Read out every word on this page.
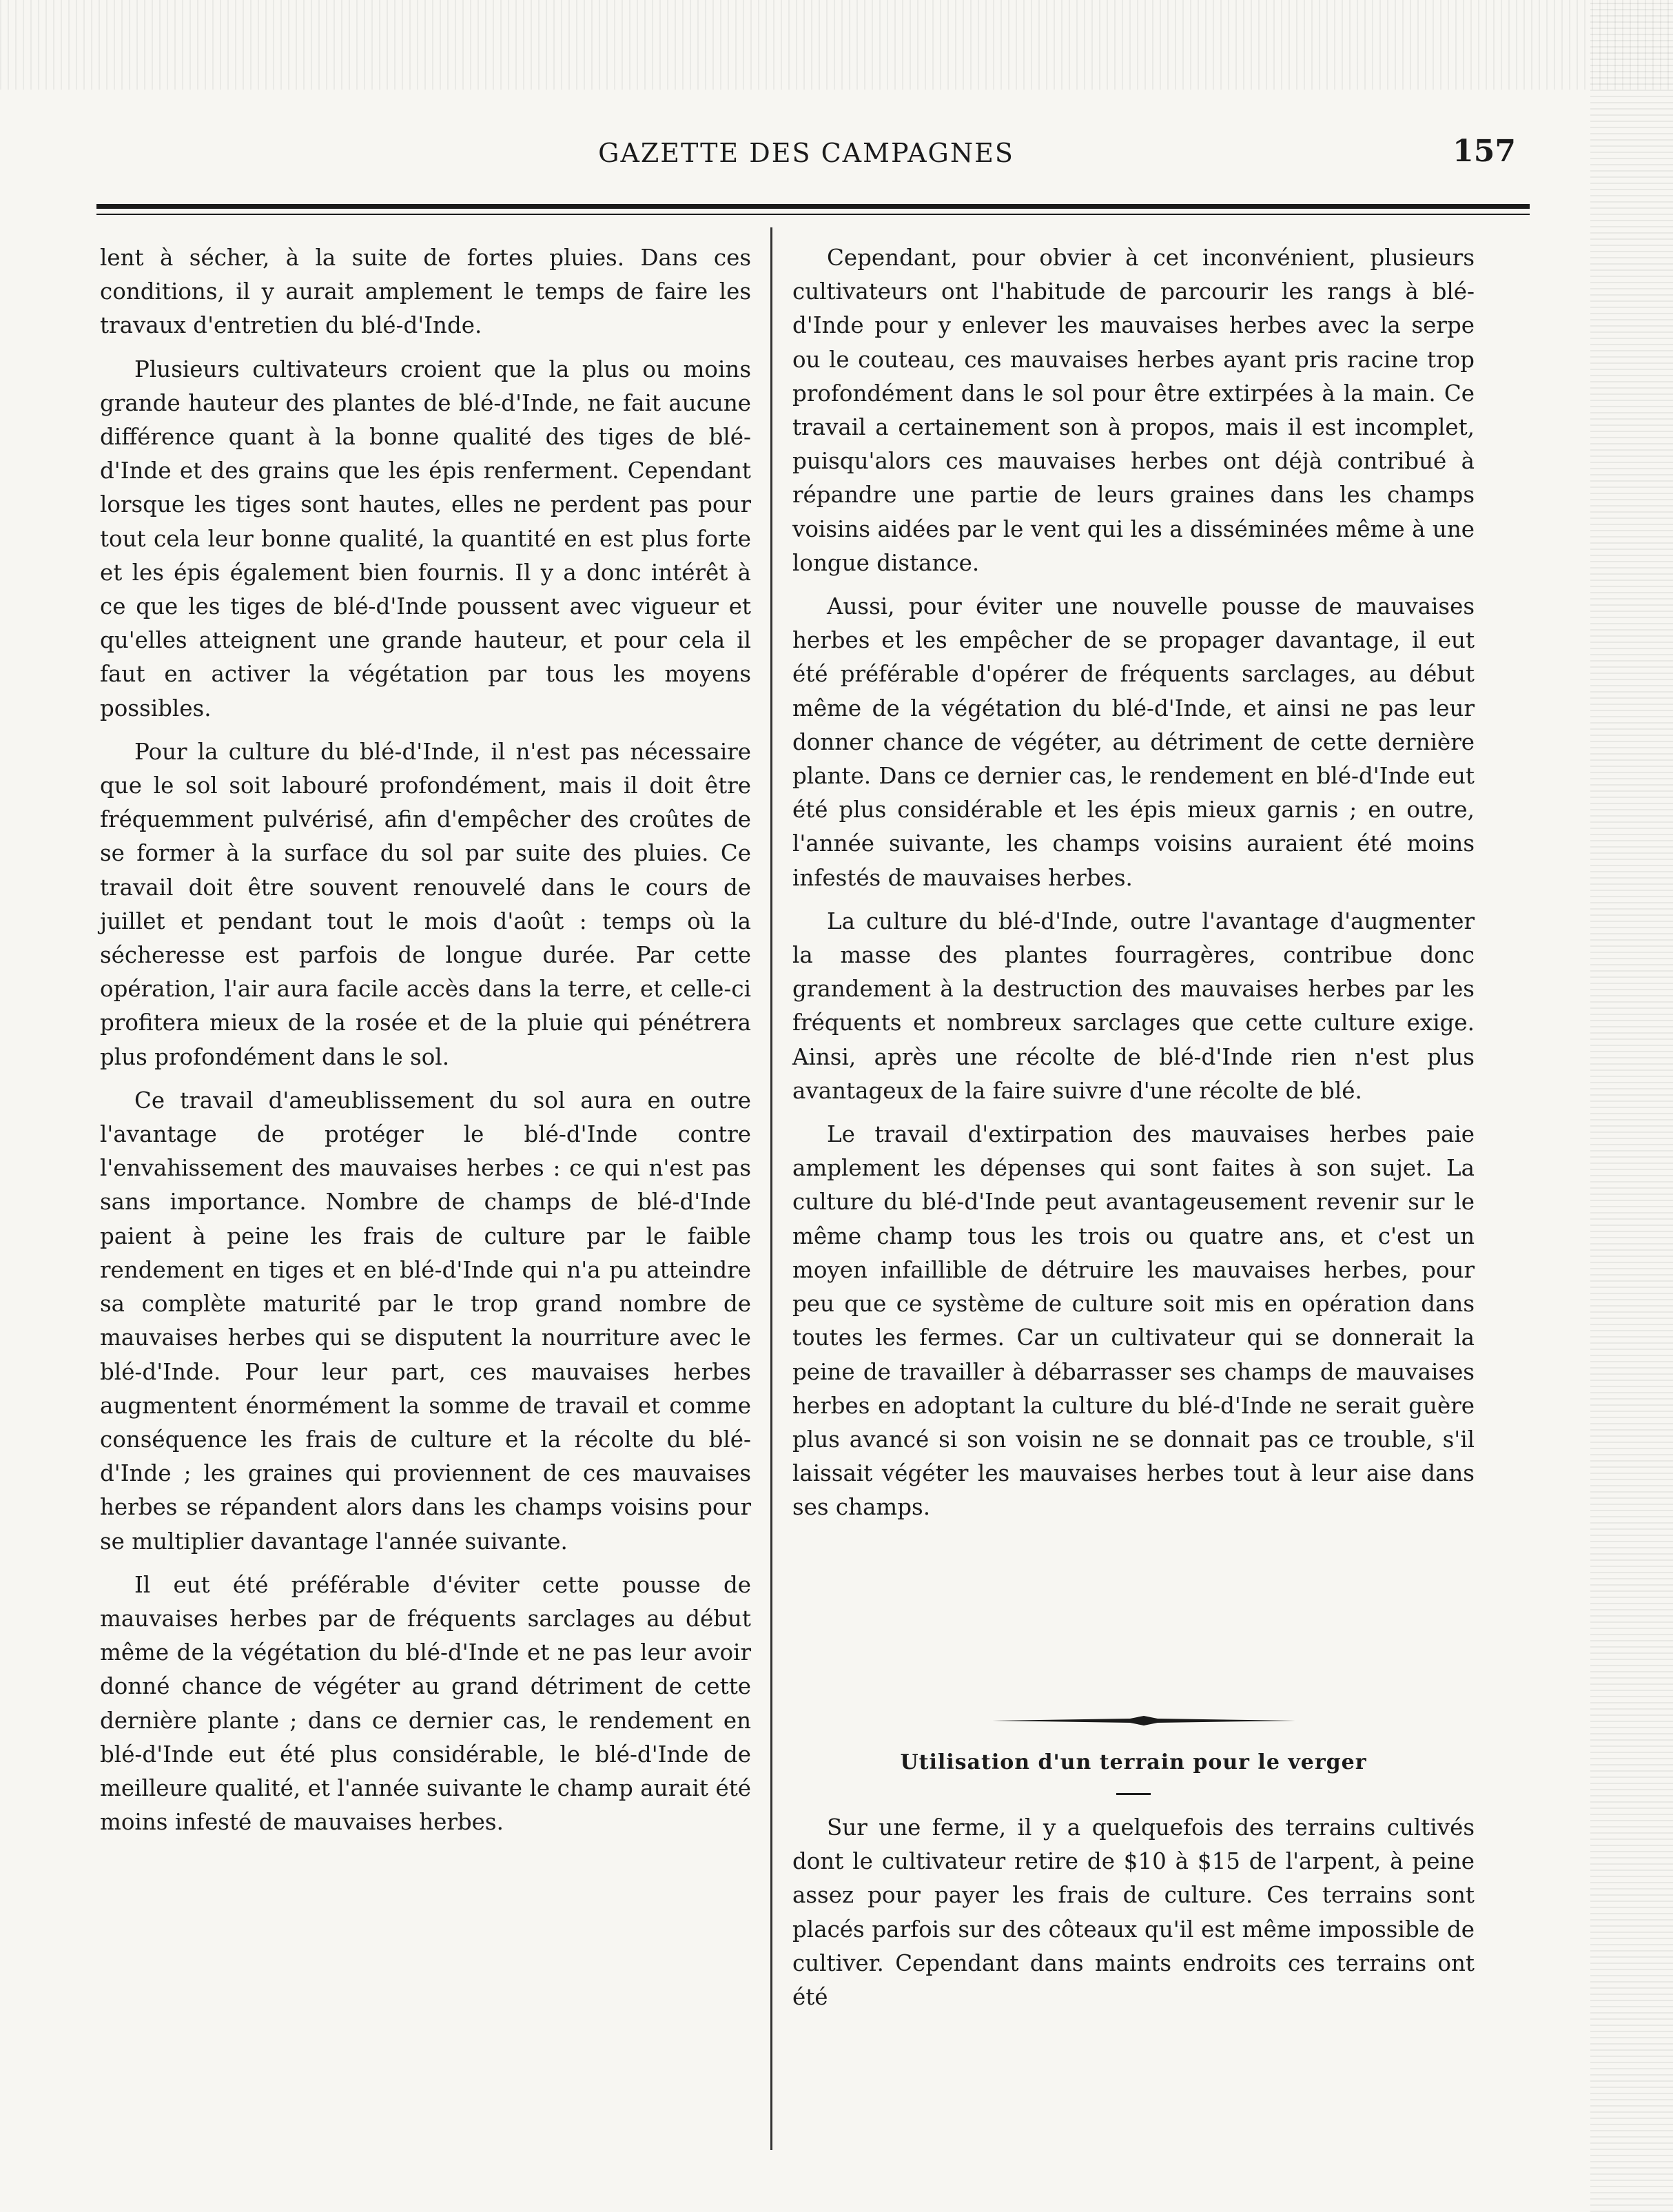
GAZETTE DES CAMPAGNES	157

lent à sécher, à la suite de fortes pluies. Dans ces conditions, il y aurait amplement le temps de faire les travaux d'entretien du blé-d'Inde.

Plusieurs cultivateurs croient que la plus ou moins grande hauteur des plantes de blé-d'Inde, ne fait aucune différence quant à la bonne qualité des tiges de blé-d'Inde et des grains que les épis renferment. Cependant lorsque les tiges sont hautes, elles ne perdent pas pour tout cela leur bonne qualité, la quantité en est plus forte et les épis également bien fournis. Il y a donc intérêt à ce que les tiges de blé-d'Inde poussent avec vigueur et qu'elles atteignent une grande hauteur, et pour cela il faut en activer la végétation par tous les moyens possibles.

Pour la culture du blé-d'Inde, il n'est pas nécessaire que le sol soit labouré profondément, mais il doit être fréquemment pulvérisé, afin d'empêcher des croûtes de se former à la surface du sol par suite des pluies. Ce travail doit être souvent renouvelé dans le cours de juillet et pendant tout le mois d'août : temps où la sécheresse est parfois de longue durée. Par cette opération, l'air aura facile accès dans la terre, et celle-ci profitera mieux de la rosée et de la pluie qui pénétrera plus profondément dans le sol.

Ce travail d'ameublissement du sol aura en outre l'avantage de protéger le blé-d'Inde contre l'envahissement des mauvaises herbes : ce qui n'est pas sans importance. Nombre de champs de blé-d'Inde paient à peine les frais de culture par le faible rendement en tiges et en blé-d'Inde qui n'a pu atteindre sa complète maturité par le trop grand nombre de mauvaises herbes qui se disputent la nourriture avec le blé-d'Inde. Pour leur part, ces mauvaises herbes augmentent énormément la somme de travail et comme conséquence les frais de culture et la récolte du blé-d'Inde ; les graines qui proviennent de ces mauvaises herbes se répandent alors dans les champs voisins pour se multiplier davantage l'année suivante.

Il eut été préférable d'éviter cette pousse de mauvaises herbes par de fréquents sarclages au début même de la végétation du blé-d'Inde et ne pas leur avoir donné chance de végéter au grand détriment de cette dernière plante ; dans ce dernier cas, le rendement en blé-d'Inde eut été plus considérable, le blé-d'Inde de meilleure qualité, et l'année suivante le champ aurait été moins infesté de mauvaises herbes.

Cependant, pour obvier à cet inconvénient, plusieurs cultivateurs ont l'habitude de parcourir les rangs à blé-d'Inde pour y enlever les mauvaises herbes avec la serpe ou le couteau, ces mauvaises herbes ayant pris racine trop profondément dans le sol pour être extirpées à la main. Ce travail a certainement son à propos, mais il est incomplet, puisqu'alors ces mauvaises herbes ont déjà contribué à répandre une partie de leurs graines dans les champs voisins aidées par le vent qui les a disséminées même à une longue distance.

Aussi, pour éviter une nouvelle pousse de mauvaises herbes et les empêcher de se propager davantage, il eut été préférable d'opérer de fréquents sarclages, au début même de la végétation du blé-d'Inde, et ainsi ne pas leur donner chance de végéter, au détriment de cette dernière plante. Dans ce dernier cas, le rendement en blé-d'Inde eut été plus considérable et les épis mieux garnis ; en outre, l'année suivante, les champs voisins auraient été moins infestés de mauvaises herbes.

La culture du blé-d'Inde, outre l'avantage d'augmenter la masse des plantes fourragères, contribue donc grandement à la destruction des mauvaises herbes par les fréquents et nombreux sarclages que cette culture exige. Ainsi, après une récolte de blé-d'Inde rien n'est plus avantageux de la faire suivre d'une récolte de blé.

Le travail d'extirpation des mauvaises herbes paie amplement les dépenses qui sont faites à son sujet. La culture du blé-d'Inde peut avantageusement revenir sur le même champ tous les trois ou quatre ans, et c'est un moyen infaillible de détruire les mauvaises herbes, pour peu que ce système de culture soit mis en opération dans toutes les fermes. Car un cultivateur qui se donnerait la peine de travailler à débarrasser ses champs de mauvaises herbes en adoptant la culture du blé-d'Inde ne serait guère plus avancé si son voisin ne se donnait pas ce trouble, s'il laissait végéter les mauvaises herbes tout à leur aise dans ses champs.

Utilisation d'un terrain pour le verger

Sur une ferme, il y a quelquefois des terrains cultivés dont le cultivateur retire de $10 à $15 de l'arpent, à peine assez pour payer les frais de culture. Ces terrains sont placés parfois sur des côteaux qu'il est même impossible de cultiver. Cependant dans maints endroits ces terrains ont été
